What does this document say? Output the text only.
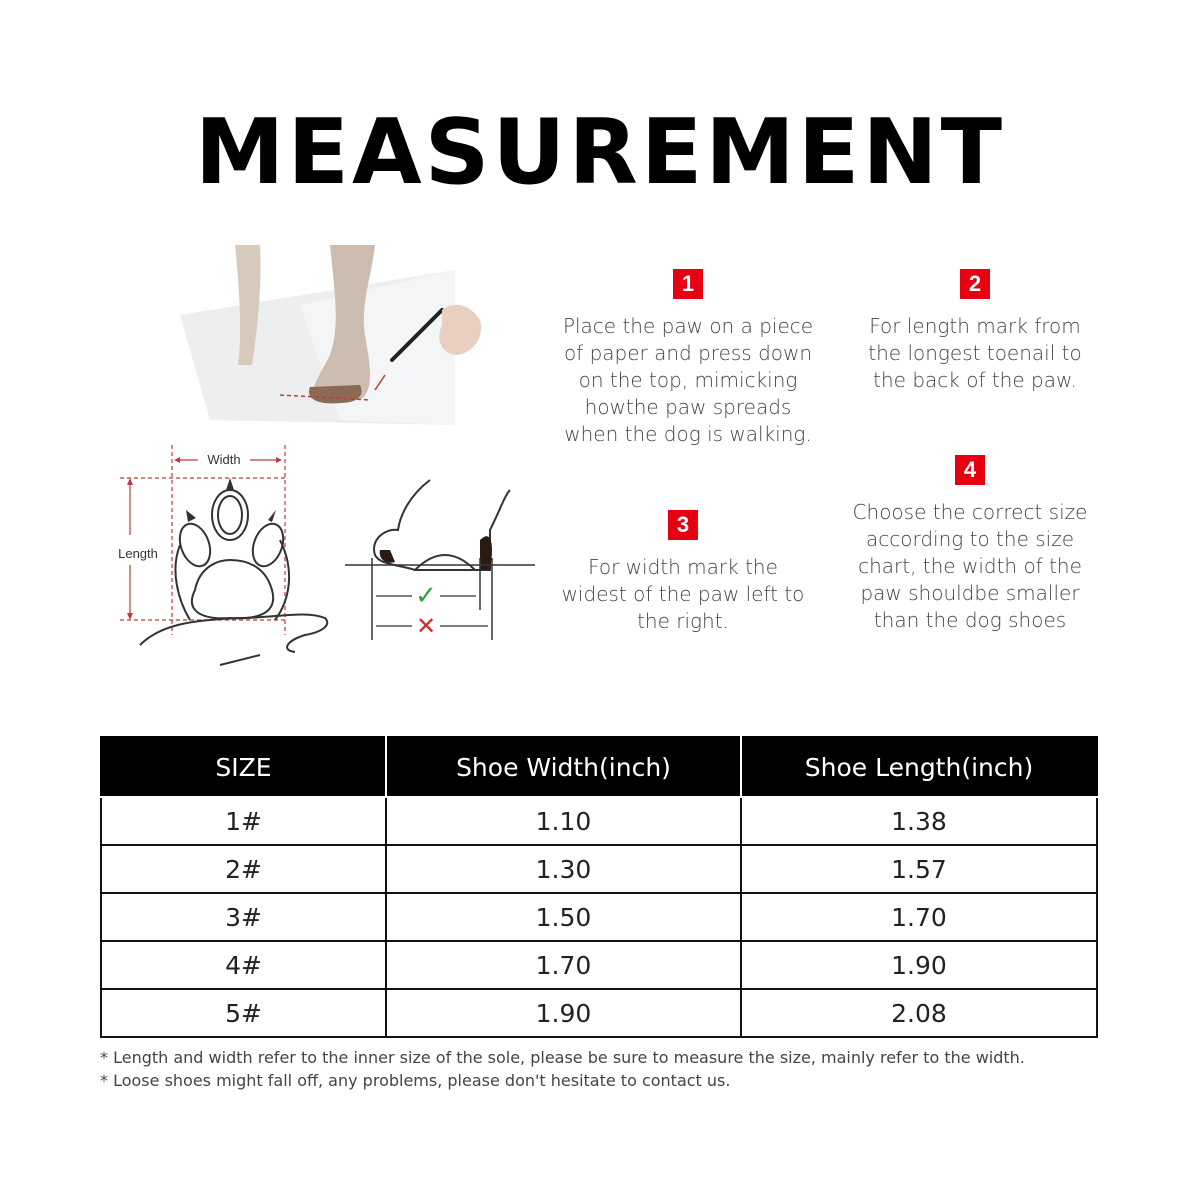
MEASUREMENT
Width
Length
✓
✕
1
Place the paw on a piece of paper and press down on the top, mimicking howthe paw spreads when the dog is walking.
2
For length mark from the longest toenail to the back of the paw.
3
For width mark the widest of the paw left to the right.
4
Choose the correct size according to the size chart, the width of the paw shouldbe smaller than the dog shoes
SIZE	Shoe Width(inch)	Shoe Length(inch)
1#	1.10	1.38
2#	1.30	1.57
3#	1.50	1.70
4#	1.70	1.90
5#	1.90	2.08
* Length and width refer to the inner size of the sole, please be sure to measure the size, mainly refer to the width.
* Loose shoes might fall off, any problems, please don't hesitate to contact us.
